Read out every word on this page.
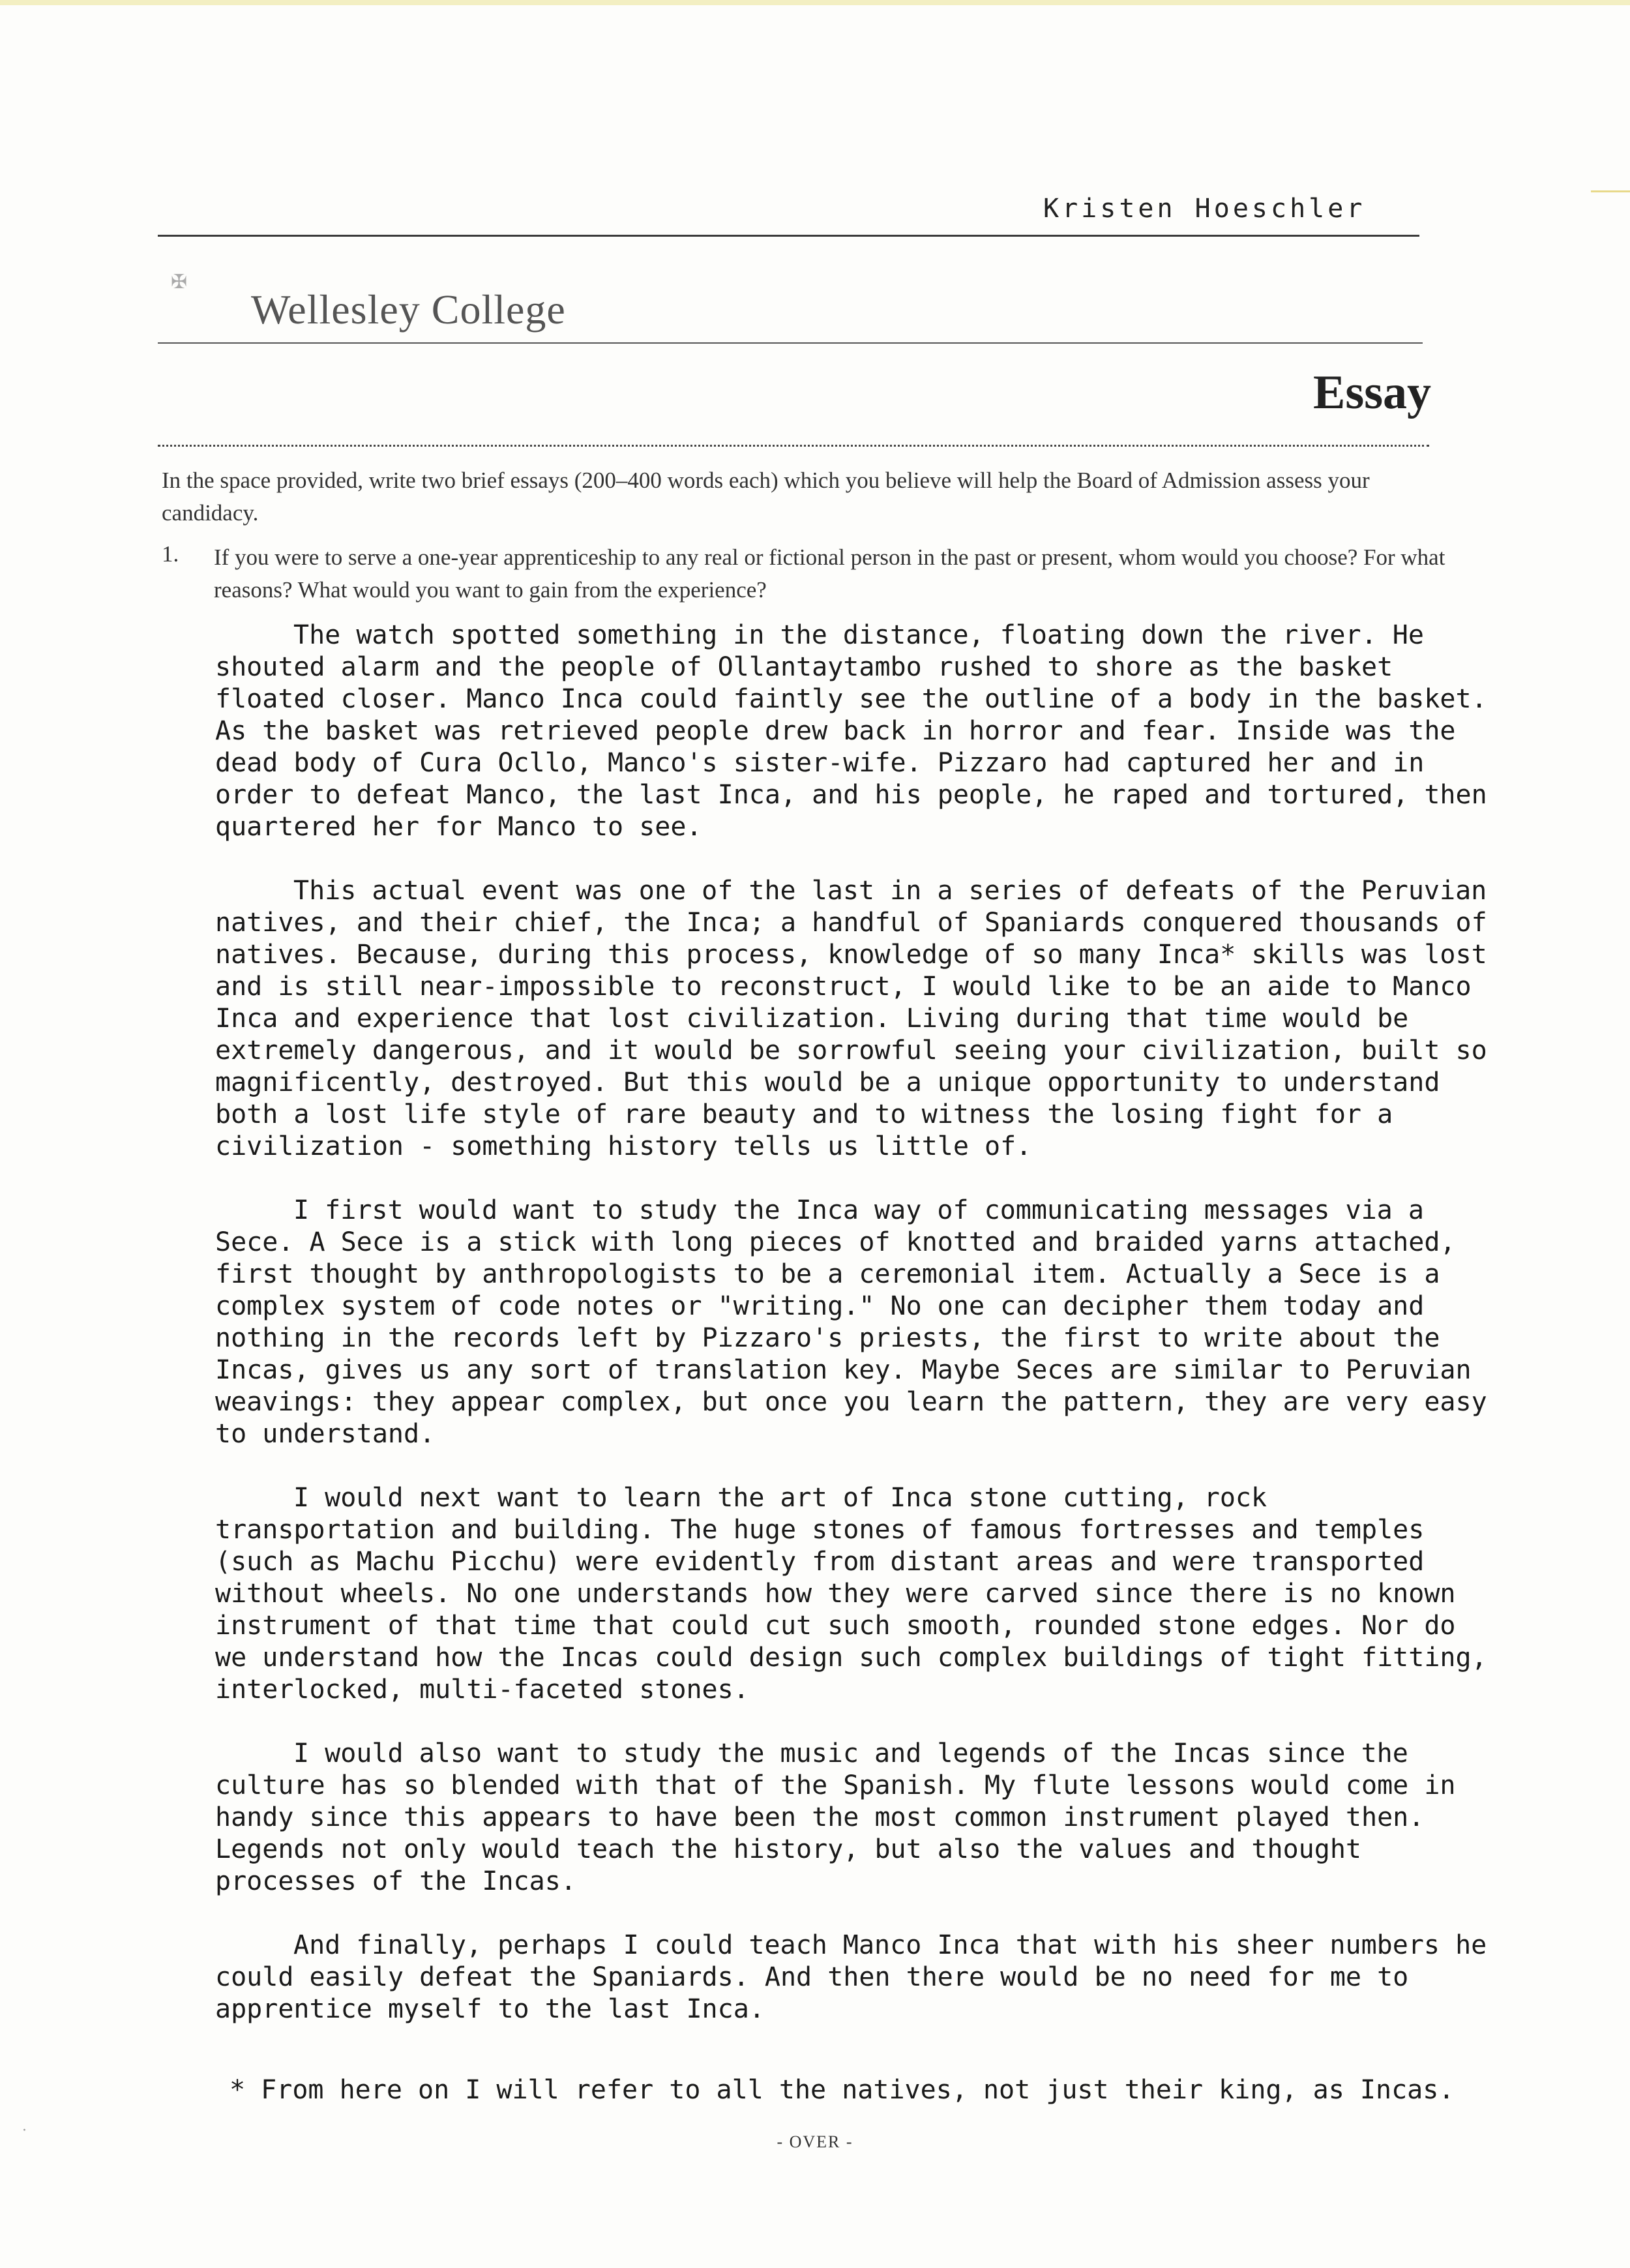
Kristen Hoeschler
✠
Wellesley College
Essay
In the space provided, write two brief essays (200–400 words each) which you believe will help the Board of Admission assess your candidacy.
1. If you were to serve a one-year apprenticeship to any real or fictional person in the past or present, whom would you choose? For what reasons? What would you want to gain from the experience?

The watch spotted something in the distance, floating down the river. He shouted alarm and the people of Ollantaytambo rushed to shore as the basket floated closer. Manco Inca could faintly see the outline of a body in the basket. As the basket was retrieved people drew back in horror and fear. Inside was the dead body of Cura Ocllo, Manco's sister-wife. Pizzaro had captured her and in order to defeat Manco, the last Inca, and his people, he raped and tortured, then quartered her for Manco to see.

This actual event was one of the last in a series of defeats of the Peruvian natives, and their chief, the Inca; a handful of Spaniards conquered thousands of natives. Because, during this process, knowledge of so many Inca* skills was lost and is still near-impossible to reconstruct, I would like to be an aide to Manco Inca and experience that lost civilization. Living during that time would be extremely dangerous, and it would be sorrowful seeing your civilization, built so magnificently, destroyed. But this would be a unique opportunity to understand both a lost life style of rare beauty and to witness the losing fight for a civilization - something history tells us little of.

I first would want to study the Inca way of communicating messages via a Sece. A Sece is a stick with long pieces of knotted and braided yarns attached, first thought by anthropologists to be a ceremonial item. Actually a Sece is a complex system of code notes or "writing." No one can decipher them today and nothing in the records left by Pizzaro's priests, the first to write about the Incas, gives us any sort of translation key. Maybe Seces are similar to Peruvian weavings: they appear complex, but once you learn the pattern, they are very easy to understand.

I would next want to learn the art of Inca stone cutting, rock transportation and building. The huge stones of famous fortresses and temples (such as Machu Picchu) were evidently from distant areas and were transported without wheels. No one understands how they were carved since there is no known instrument of that time that could cut such smooth, rounded stone edges. Nor do we understand how the Incas could design such complex buildings of tight fitting, interlocked, multi-faceted stones.

I would also want to study the music and legends of the Incas since the culture has so blended with that of the Spanish. My flute lessons would come in handy since this appears to have been the most common instrument played then. Legends not only would teach the history, but also the values and thought processes of the Incas.

And finally, perhaps I could teach Manco Inca that with his sheer numbers he could easily defeat the Spaniards. And then there would be no need for me to apprentice myself to the last Inca.

* From here on I will refer to all the natives, not just their king, as Incas.
- OVER -
·
